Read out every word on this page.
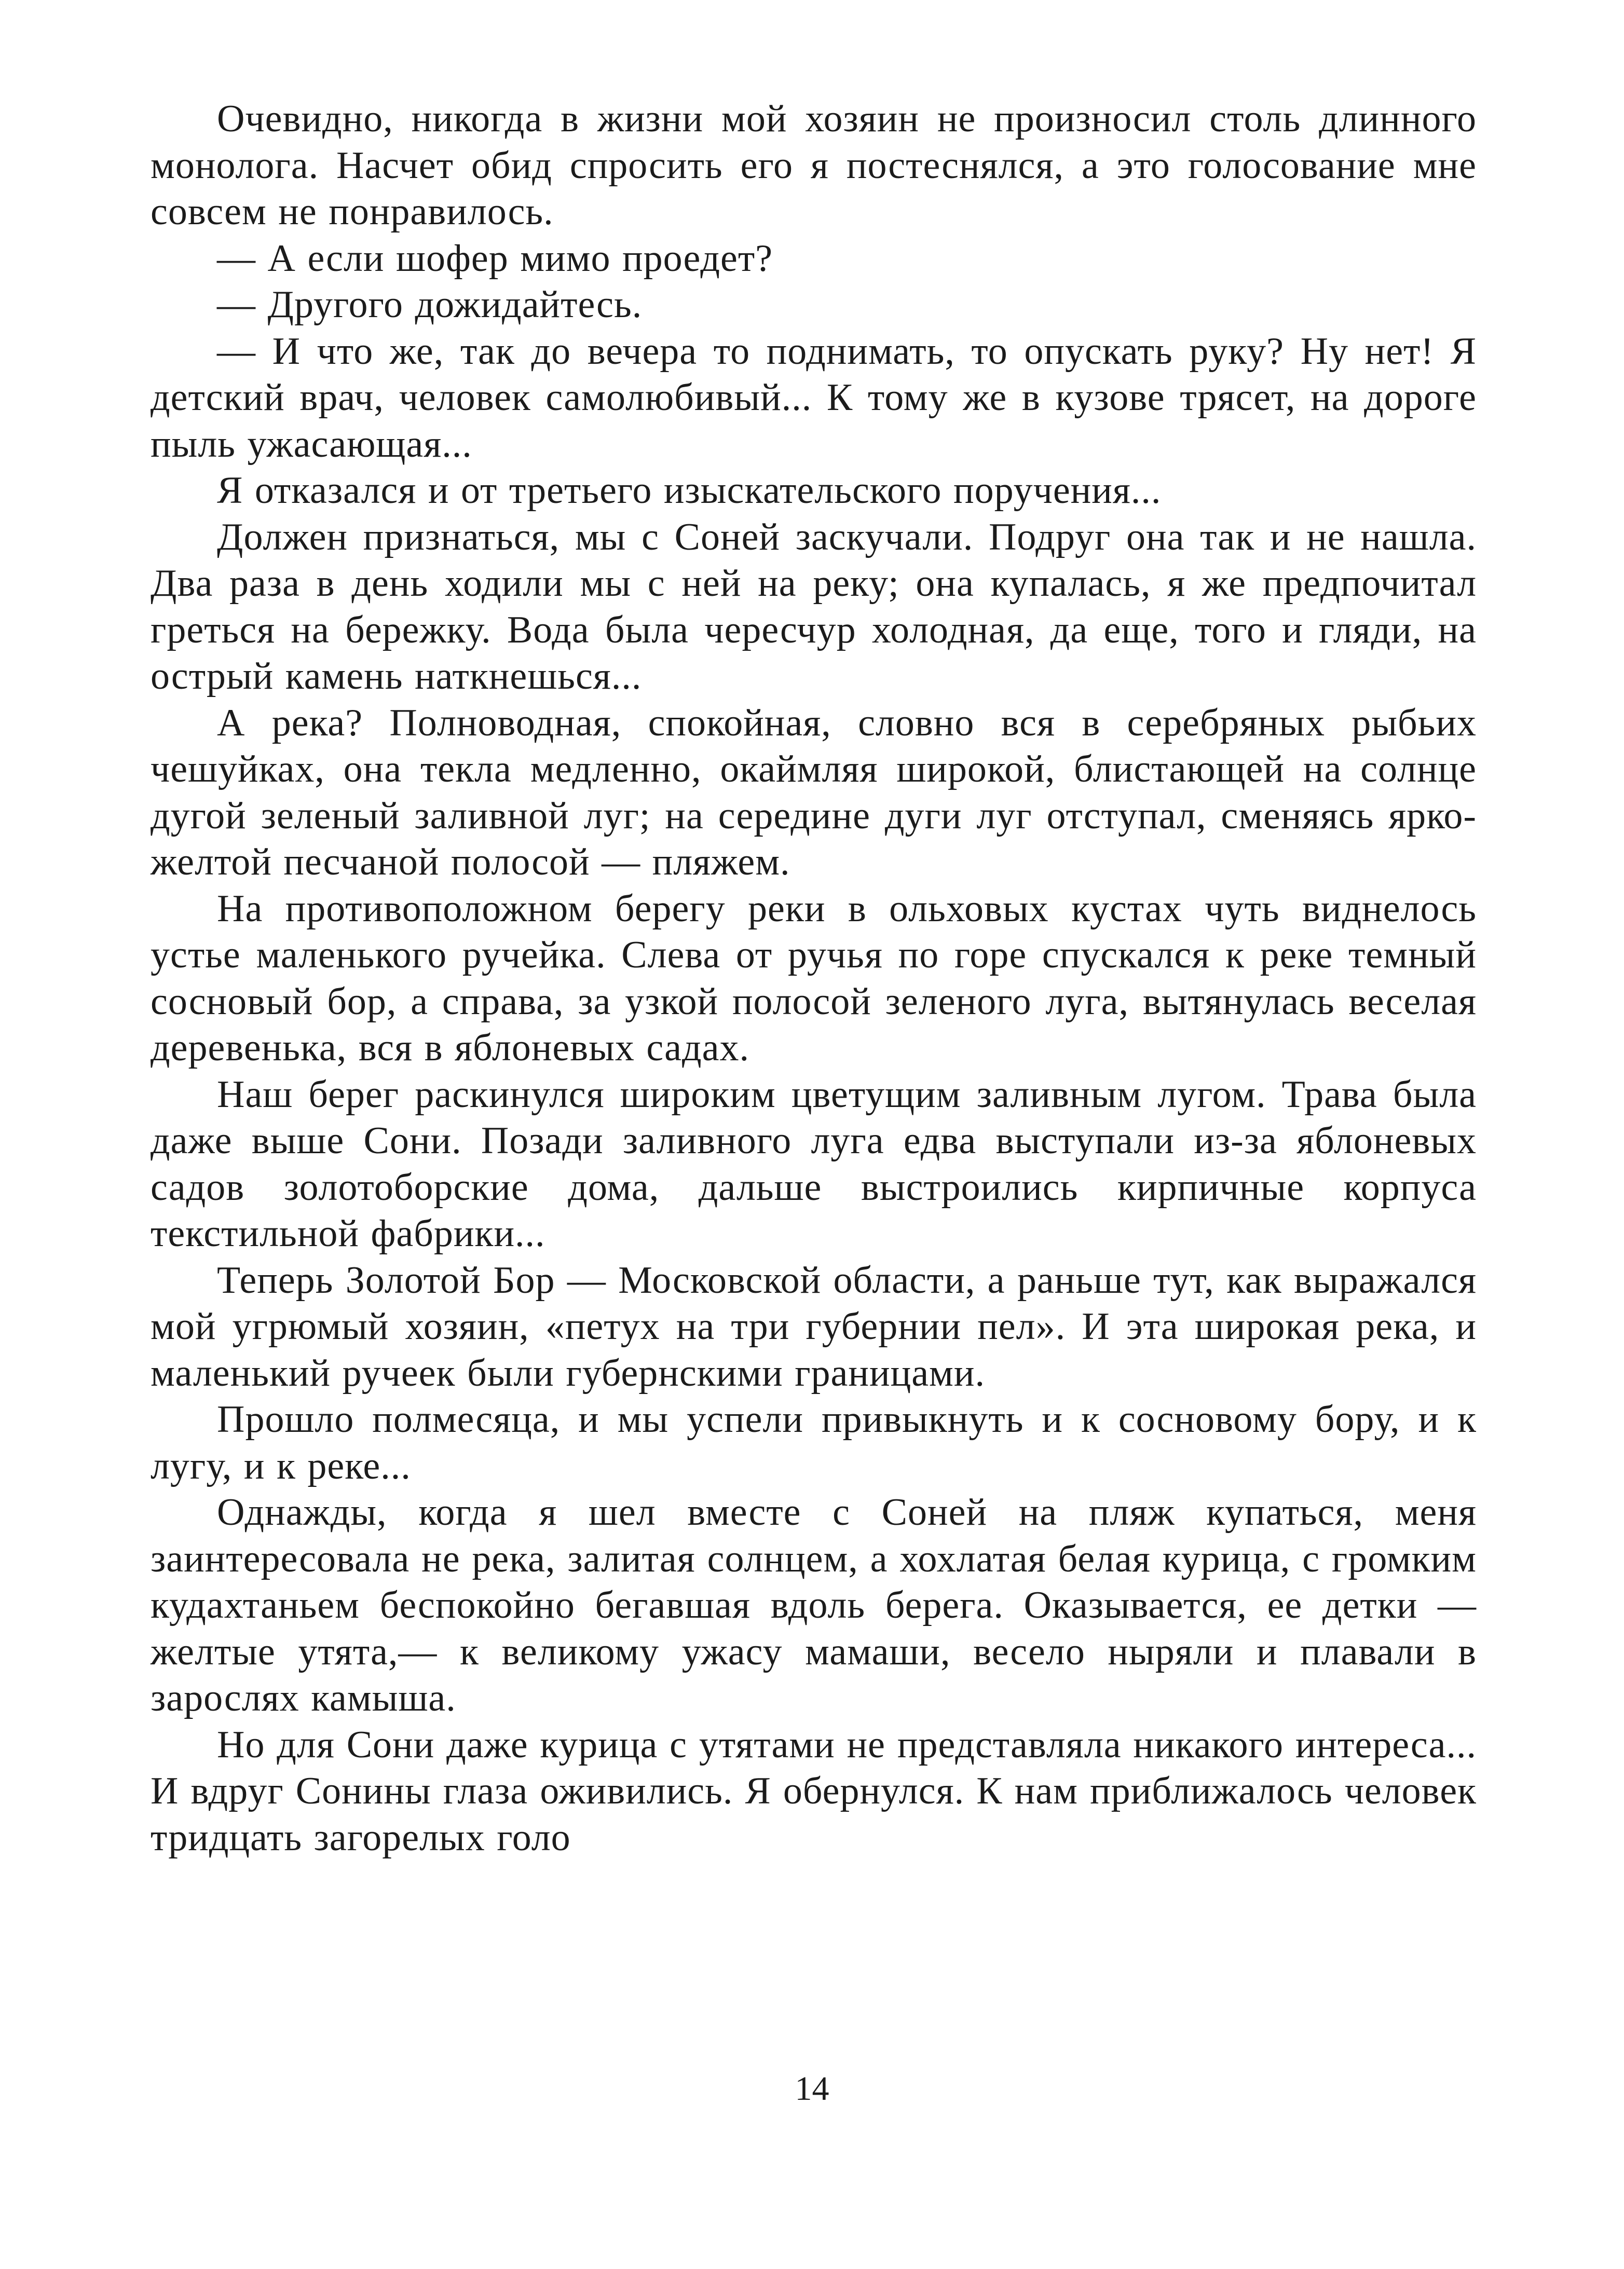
Очевидно, никогда в жизни мой хозяин не произносил столь длинного монолога. Насчет обид спросить его я постеснялся, а это голосование мне совсем не понравилось.

— А если шофер мимо проедет?

— Другого дожидайтесь.

— И что же, так до вечера то поднимать, то опускать руку? Ну нет! Я детский врач, человек самолюбивый... К тому же в кузове трясет, на дороге пыль ужасающая...

Я отказался и от третьего изыскательского поручения...

Должен признаться, мы с Соней заскучали. Подруг она так и не нашла. Два раза в день ходили мы с ней на реку; она купалась, я же предпочитал греться на бережку. Вода была чересчур холодная, да еще, того и гляди, на острый камень наткнешься...

А река? Полноводная, спокойная, словно вся в серебряных рыбьих чешуйках, она текла медленно, окаймляя широкой, блистающей на солнце дугой зеленый заливной луг; на середине дуги луг отступал, сменяясь ярко-желтой песчаной полосой — пляжем.

На противоположном берегу реки в ольховых кустах чуть виднелось устье маленького ручейка. Слева от ручья по горе спускался к реке темный сосновый бор, а справа, за узкой полосой зеленого луга, вытянулась веселая деревенька, вся в яблоневых садах.

Наш берег раскинулся широким цветущим заливным лугом. Трава была даже выше Сони. Позади заливного луга едва выступали из-за яблоневых садов золотоборские дома, дальше выстроились кирпичные корпуса текстильной фабрики...

Теперь Золотой Бор — Московской области, а раньше тут, как выражался мой угрюмый хозяин, «петух на три губернии пел». И эта широкая река, и маленький ручеек были губернскими границами.

Прошло полмесяца, и мы успели привыкнуть и к сосновому бору, и к лугу, и к реке...

Однажды, когда я шел вместе с Соней на пляж купаться, меня заинтересовала не река, залитая солнцем, а хохлатая белая курица, с громким кудахтаньем беспокойно бегавшая вдоль берега. Оказывается, ее детки — желтые утята,— к великому ужасу мамаши, весело ныряли и плавали в зарослях камыша.

Но для Сони даже курица с утятами не представляла никакого интереса... И вдруг Сонины глаза оживились. Я обернулся. К нам приближалось человек тридцать загорелых голо

14
